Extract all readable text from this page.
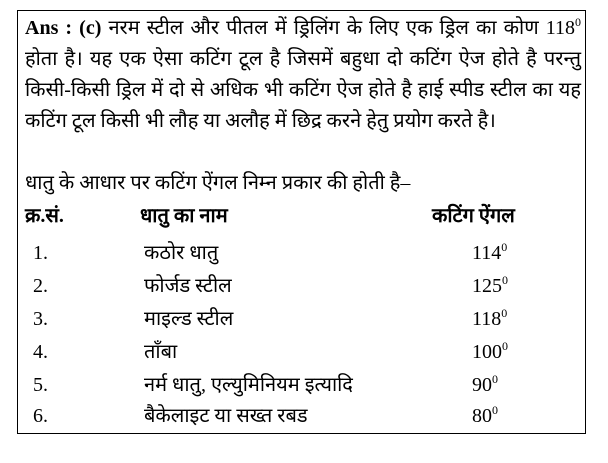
Ans : (c) नरम स्टील और पीतल में ड्रिलिंग के लिए एक ड्रिल का कोण $118^0$ होता है। यह एक ऐसा कटिंग टूल है जिसमें बहुधा दो कटिंग ऐज होते है परन्तु किसी-किसी ड्रिल में दो से अधिक भी कटिंग ऐज होते है हाई स्पीड स्टील का यह कटिंग टूल किसी भी लौह या अलौह में छिद्र करने हेतु प्रयोग करते है।
धातु के आधार पर कटिंग ऐंगल निम्न प्रकार की होती है–
क्र.सं.	धातु का नाम	कटिंग ऐंगल
1.	कठोर धातु	$114^0$
2.	फोर्जड स्टील	$125^0$
3.	माइल्ड स्टील	$118^0$
4.	ताँबा	$100^0$
5.	नर्म धातु, एल्युमिनियम इत्यादि	$90^0$
6.	बैकेलाइट या सख्त रबड	$80^0$
